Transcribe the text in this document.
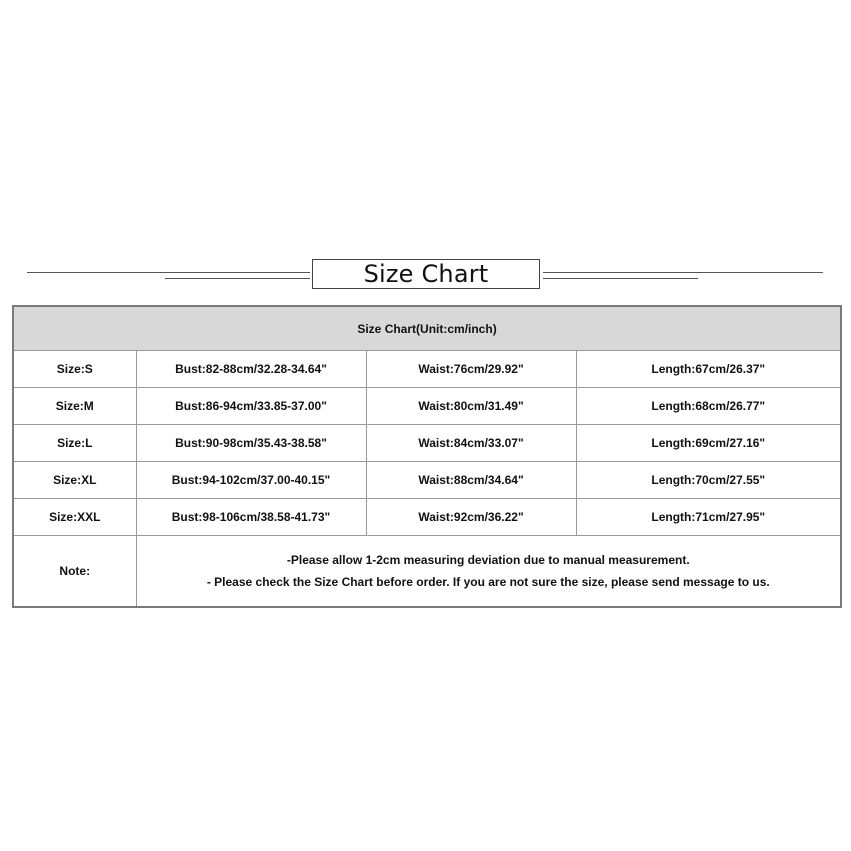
Size Chart
Size Chart(Unit:cm/inch)			
Size:S	Bust:82-88cm/32.28-34.64"	Waist:76cm/29.92"	Length:67cm/26.37"
Size:M	Bust:86-94cm/33.85-37.00"	Waist:80cm/31.49"	Length:68cm/26.77"
Size:L	Bust:90-98cm/35.43-38.58"	Waist:84cm/33.07"	Length:69cm/27.16"
Size:XL	Bust:94-102cm/37.00-40.15"	Waist:88cm/34.64"	Length:70cm/27.55"
Size:XXL	Bust:98-106cm/38.58-41.73"	Waist:92cm/36.22"	Length:71cm/27.95"
Note:	-Please allow 1-2cm measuring deviation due to manual measurement.
- Please check the Size Chart before order. If you are not sure the size, please send message to us.		
